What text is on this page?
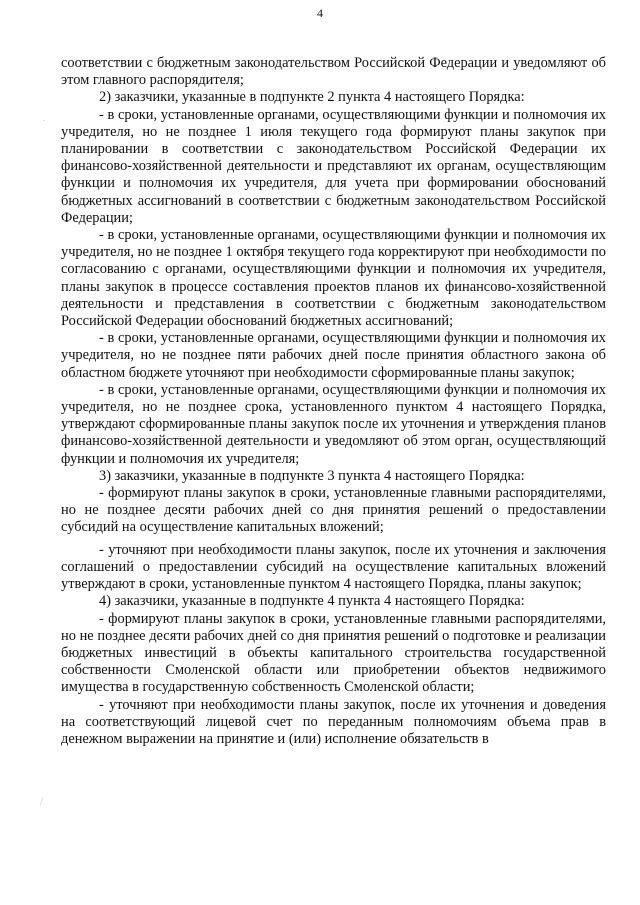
4
˙
/

соответствии с бюджетным законодательством Российской Федерации и уведомляют об этом главного распорядителя;

2) заказчики, указанные в подпункте 2 пункта 4 настоящего Порядка:

- в сроки, установленные органами, осуществляющими функции и полномочия их учредителя, но не позднее 1 июля текущего года формируют планы закупок при планировании в соответствии с законодательством Российской Федерации их финансово-хозяйственной деятельности и представляют их органам, осуществляющим функции и полномочия их учредителя, для учета при формировании обоснований бюджетных ассигнований в соответствии с бюджетным законодательством Российской Федерации;

- в сроки, установленные органами, осуществляющими функции и полномочия их учредителя, но не позднее 1 октября текущего года корректируют при необходимости по согласованию с органами, осуществляющими функции и полномочия их учредителя, планы закупок в процессе составления проектов планов их финансово-хозяйственной деятельности и представления в соответствии с бюджетным законодательством Российской Федерации обоснований бюджетных ассигнований;

- в сроки, установленные органами, осуществляющими функции и полномочия их учредителя, но не позднее пяти рабочих дней после принятия областного закона об областном бюджете уточняют при необходимости сформированные планы закупок;

- в сроки, установленные органами, осуществляющими функции и полномочия их учредителя, но не позднее срока, установленного пунктом 4 настоящего Порядка, утверждают сформированные планы закупок после их уточнения и утверждения планов финансово-хозяйственной деятельности и уведомляют об этом орган, осуществляющий функции и полномочия их учредителя;

3) заказчики, указанные в подпункте 3 пункта 4 настоящего Порядка:

- формируют планы закупок в сроки, установленные главными распорядителями, но не позднее десяти рабочих дней со дня принятия решений о предоставлении субсидий на осуществление капитальных вложений;

- уточняют при необходимости планы закупок, после их уточнения и заключения соглашений о предоставлении субсидий на осуществление капитальных вложений утверждают в сроки, установленные пунктом 4 настоящего Порядка, планы закупок;

4) заказчики, указанные в подпункте 4 пункта 4 настоящего Порядка:

- формируют планы закупок в сроки, установленные главными распорядителями, но не позднее десяти рабочих дней со дня принятия решений о подготовке и реализации бюджетных инвестиций в объекты капитального строительства государственной собственности Смоленской области или приобретении объектов недвижимого имущества в государственную собственность Смоленской области;

- уточняют при необходимости планы закупок, после их уточнения и доведения на соответствующий лицевой счет по переданным полномочиям объема прав в денежном выражении на принятие и (или) исполнение обязательств в
